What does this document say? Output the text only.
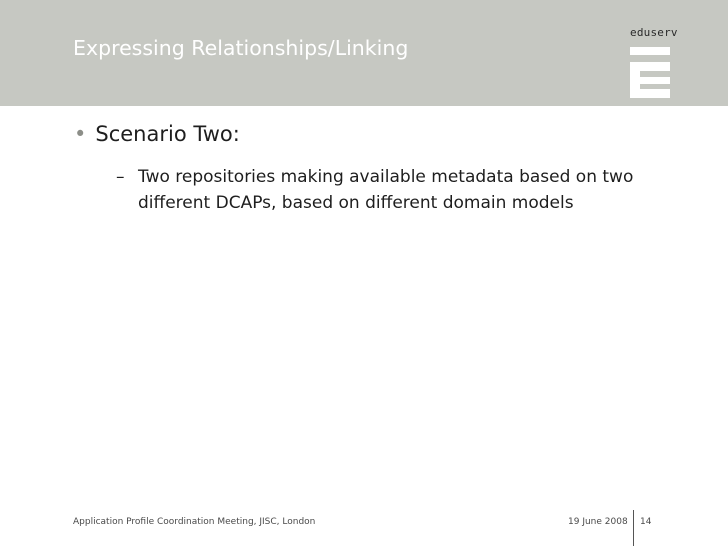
Expressing Relationships/Linking
eduserv
• Scenario Two:
– Two repositories making available metadata based on two different DCAPs, based on different domain models
Application Profile Coordination Meeting, JISC, London	19 June 2008 14
